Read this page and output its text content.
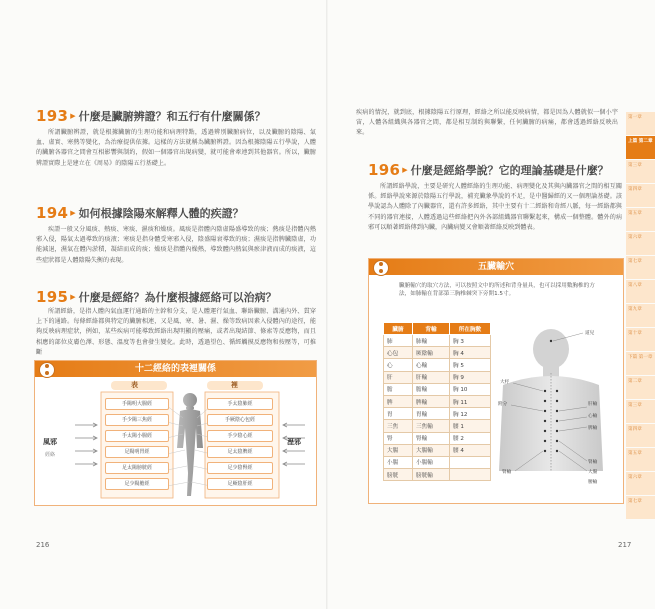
193 ▶ 什麼是臟腑辨證？和五行有什麼關係？
所謂臟腑辨證，就是根據臟腑的生理功能和病理特點，透過辨別臟腑病位，以及臟腑的陰陽、氣血、虛實、寒熱等變化，為治療提供依據。這樣的方法就稱為臟腑辨證。因為根據陰陽五行學說，人體的臟腑各器官之間會互相影響與制約，假如一個器官出現病變，就可能會牽連到其他器官。所以，臟腑辨證實際上是建立在《周易》的陰陽五行基礎上。
194 ▶ 如何根據陰陽來解釋人體的疾證？
疾證一般又分風痰、熱痰、寒痰、濕痰和燥痰。風痰是指體內陰虛陽盛導致的痰；熱痰是指體內熱邪入侵，陽氣太過導致的痰液；寒痰是指身體受寒邪入侵，陰盛陽衰導致的痰；濕痰是指脾臟陰虛，功能減退，濕氣在體內淤積，凝結而成的痰；燥痰是指體內燥熱，導致體內熱氣與瘀津液而成的痰液，這些症狀都是人體陰陽失衡的表現。
195 ▶ 什麼是經絡？為什麼根據經絡可以治病？
所謂經絡，是指人體內氣血運行通路的主幹和分支，是人體運行氣血、聯絡臟腑、溝通內外、貫穿上下的通路。每條經絡都與特定的臟腑相連，又是風、寒、暑、濕、燥等致病因素入侵體內的途徑，能夠反映病理症狀，例如，某些疾病可能導致經絡出現明顯的壓痛，或者出現結節、條索等反應物，而且相應的部位皮膚色澤、形態、溫度等也會發生變化。此時，透過望色、循經觸摸反應物和按壓等，可推斷
十二經絡的表裡關係
表	裡
風邪
經絡
溼邪
手陽明大腸經
手少陽三焦經
手太陽小腸經
足陽明胃經
足太陽膀胱經
足少陽膽經
手太陰肺經
手厥陰心包經
手少陰心經
足太陰脾經
足少陰腎經
足厥陰肝經
216
疾病的情況，就到底，根據陰陽五行原理，經絡之所以能反映病情，都是因為人體就似一個小宇宙，人體各組織與各器官之間，都是相互制約與聯繫，任何臟腑的病痛，都會透過經絡反映出來。
196 ▶ 什麼是經絡學說？它的理論基礎是什麼？
所謂經絡學說，主要是研究人體經絡的生理功能、病理變化及其與內臟器官之間的相互關係。經絡學說來源於陰陽五行學說，補充臟象學說的不足，是中醫歸經的又一個理論基礎。該學說認為人體除了內臟器官，還有許多經絡，其中主要有十二經絡和奇經八脈，每一經絡都與不同的器官連接，人體透過這些經絡把內外各部組織器官聯繫起來，構成一個整體。體外的病邪可以順著經絡傳到內臟，內臟病變又會順著經絡反映到體表。
五臟輸穴
臟腑輸穴的取穴方法，可以按照文中的所述和背身量具，也可以採用數胸椎的方法，如肺輸在背部第三胸椎棘突下旁開1.5寸。
臟腑	背輸	所在胸數
肺	肺輸	胸 3
心包	厥陰輸	胸 4
心	心輸	胸 5
肝	肝輸	胸 9
膽	膽輸	胸 10
脾	脾輸	胸 11
胃	胃輸	胸 12
三焦	三焦輸	腰 1
腎	腎輸	腰 2
大腸	大腸輸	腰 4
小腸	小腸輸	
膀胱	膀胱輸	
道兒
大杼
附分	肝輸
心輸
脾輸
腎輸
腎輸	大腸
腰輸
217
第一章
上篇 第二章
第三章
第四章
第五章
第六章
第七章
第八章
第九章
第十章
下篇 第一章
第二章
第三章
第四章
第五章
第六章
第七章
